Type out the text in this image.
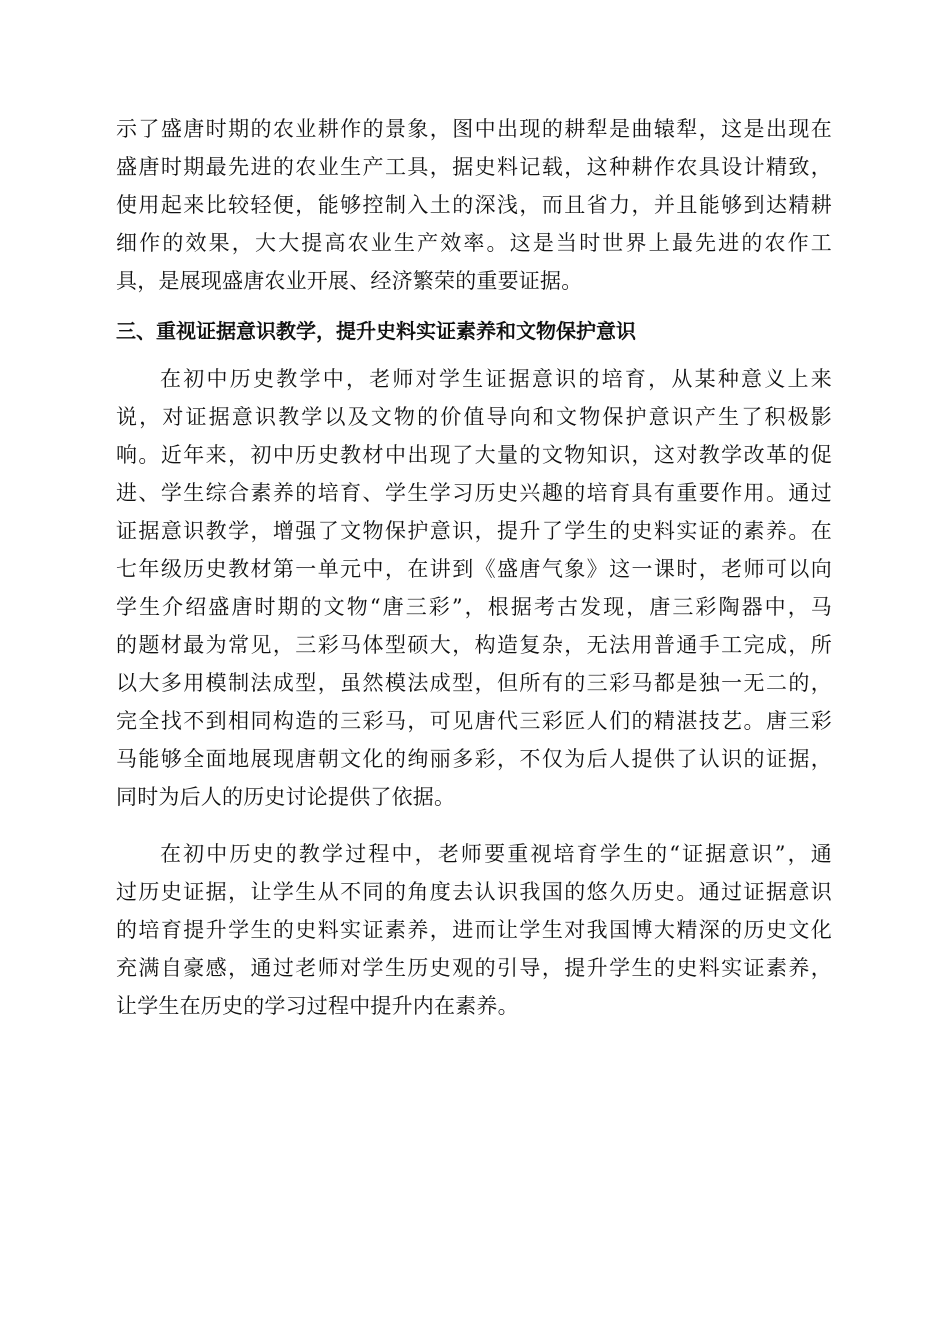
示了盛唐时期的农业耕作的景象，图中出现的耕犁是曲辕犁，这是出现在
盛唐时期最先进的农业生产工具，据史料记载，这种耕作农具设计精致，
使用起来比较轻便，能够控制入土的深浅，而且省力，并且能够到达精耕
细作的效果，大大提高农业生产效率。这是当时世界上最先进的农作工
具，是展现盛唐农业开展、经济繁荣的重要证据。
三、重视证据意识教学，提升史料实证素养和文物保护意识
在初中历史教学中，老师对学生证据意识的培育，从某种意义上来
说，对证据意识教学以及文物的价值导向和文物保护意识产生了积极影
响。近年来，初中历史教材中出现了大量的文物知识，这对教学改革的促
进、学生综合素养的培育、学生学习历史兴趣的培育具有重要作用。通过
证据意识教学，增强了文物保护意识，提升了学生的史料实证的素养。在
七年级历史教材第一单元中，在讲到《盛唐气象》这一课时，老师可以向
学生介绍盛唐时期的文物“唐三彩”，根据考古发现，唐三彩陶器中，马
的题材最为常见，三彩马体型硕大，构造复杂，无法用普通手工完成，所
以大多用模制法成型，虽然模法成型，但所有的三彩马都是独一无二的，
完全找不到相同构造的三彩马，可见唐代三彩匠人们的精湛技艺。唐三彩
马能够全面地展现唐朝文化的绚丽多彩，不仅为后人提供了认识的证据，
同时为后人的历史讨论提供了依据。
在初中历史的教学过程中，老师要重视培育学生的“证据意识”，通
过历史证据，让学生从不同的角度去认识我国的悠久历史。通过证据意识
的培育提升学生的史料实证素养，进而让学生对我国博大精深的历史文化
充满自豪感，通过老师对学生历史观的引导，提升学生的史料实证素养，
让学生在历史的学习过程中提升内在素养。
